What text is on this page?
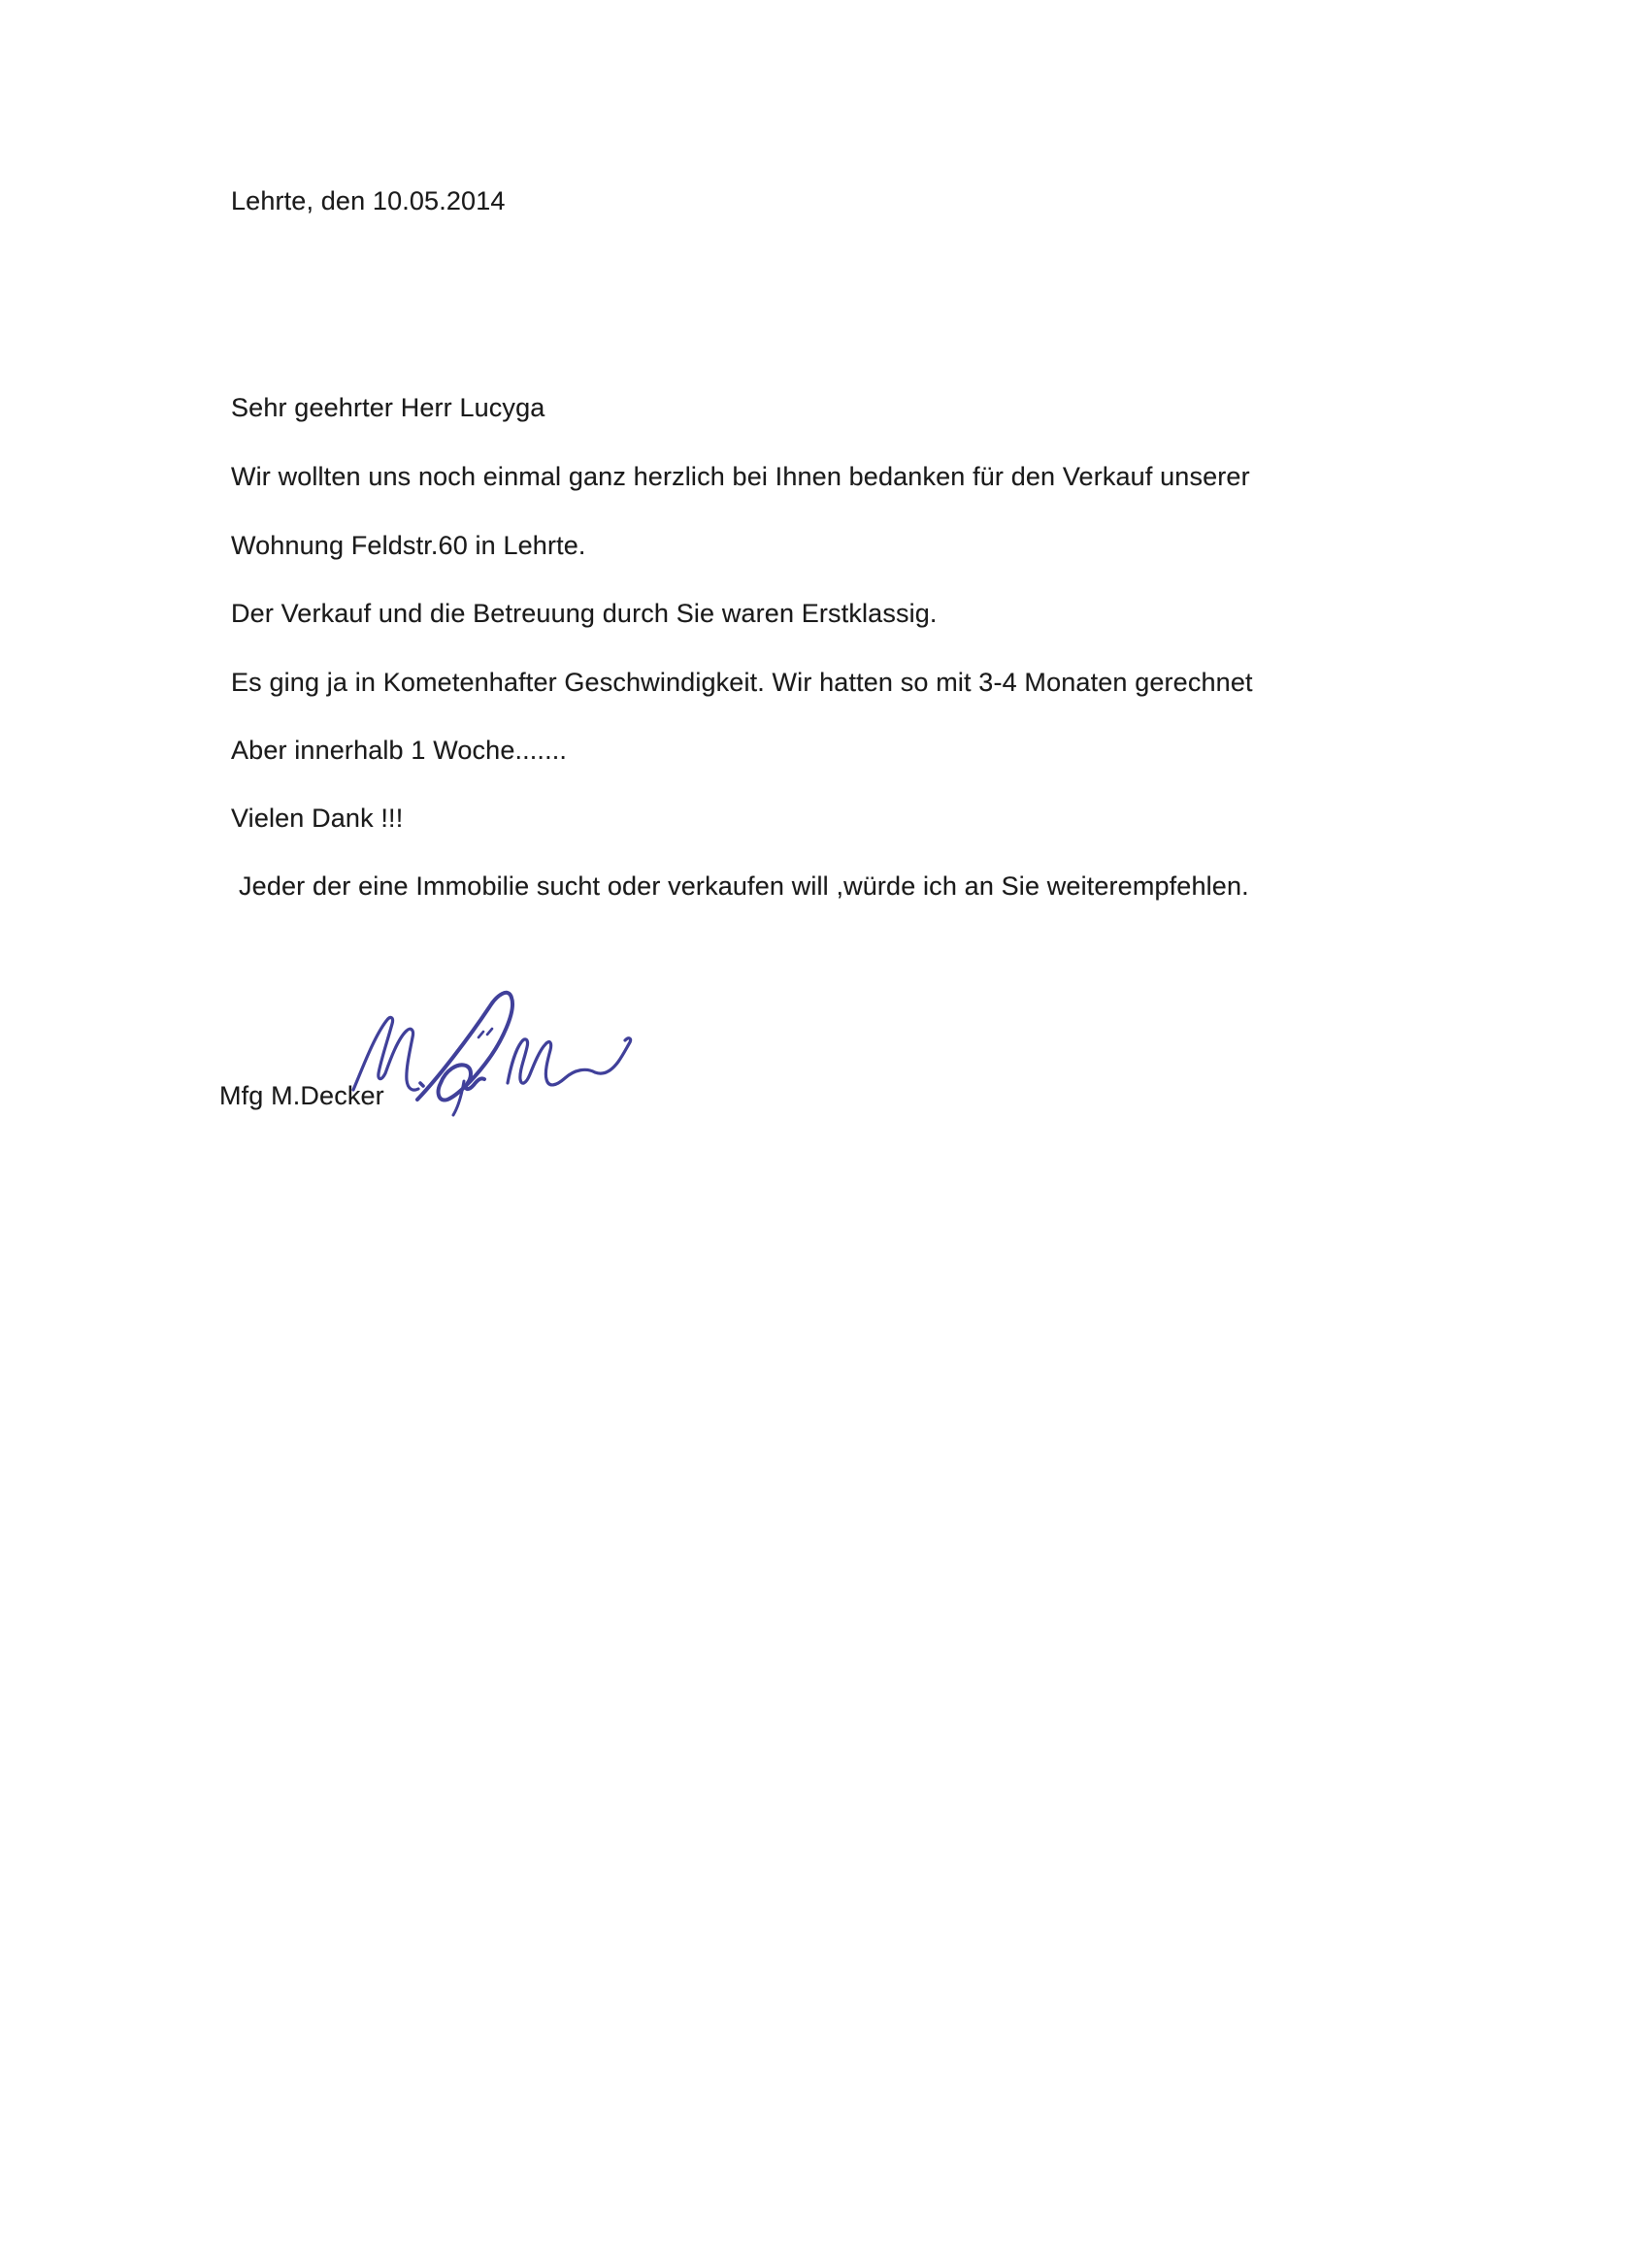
Lehrte, den 10.05.2014
Sehr geehrter Herr Lucyga
Wir wollten uns noch einmal ganz herzlich bei Ihnen bedanken für den Verkauf unserer
Wohnung Feldstr.60 in Lehrte.
Der Verkauf und die Betreuung durch Sie waren Erstklassig.
Es ging ja in Kometenhafter Geschwindigkeit. Wir hatten so mit 3-4 Monaten gerechnet
Aber innerhalb 1 Woche.......
Vielen Dank !!!
Jeder der eine Immobilie sucht oder verkaufen will ,würde ich an Sie weiterempfehlen.
Mfg M.Decker
